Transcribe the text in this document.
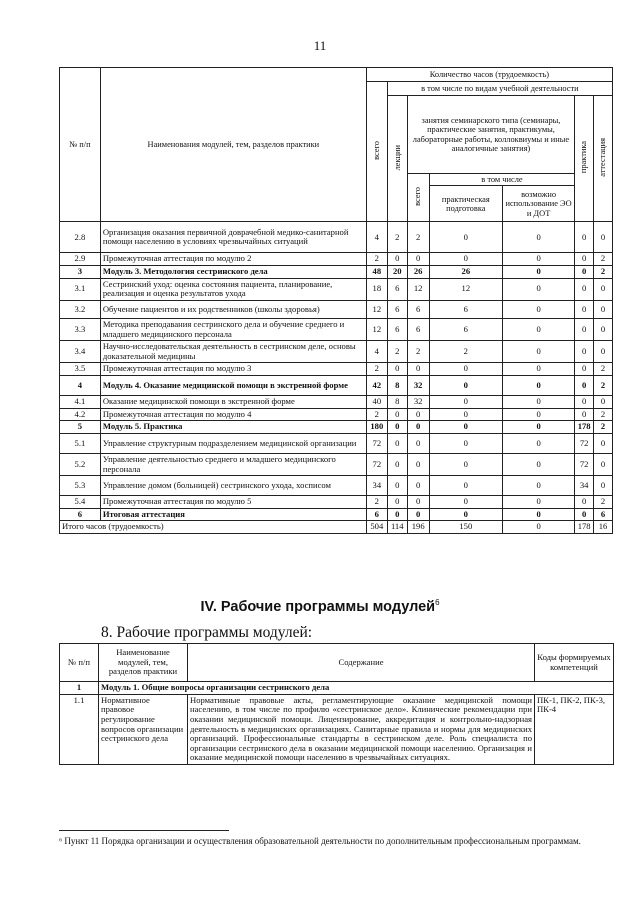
11
№ п/п	Наименования модулей, тем, разделов практики	Количество часов (трудоемкость)						
		всего	в том числе по видам учебной деятельности					
			лекции	занятия семинарского типа (семинары, практические занятия, практикумы, лабораторные работы, коллоквиумы и иные аналогичные занятия)			практика	аттестация
				всего	в том числе			
					практическая подготовка	возможно использование ЭО и ДОТ		
2.8	Организация оказания первичной доврачебной медико-санитарной помощи населению в условиях чрезвычайных ситуаций	4	2	2	0	0	0	0
2.9	Промежуточная аттестация по модулю 2	2	0	0	0	0	0	2
3	Модуль 3. Методология сестринского дела	48	20	26	26	0	0	2
3.1	Сестринский уход: оценка состояния пациента, планирование, реализация и оценка результатов ухода	18	6	12	12	0	0	0
3.2	Обучение пациентов и их родственников (школы здоровья)	12	6	6	6	0	0	0
3.3	Методика преподавания сестринского дела и обучение среднего и младшего медицинского персонала	12	6	6	6	0	0	0
3.4	Научно-исследовательская деятельность в сестринском деле, основы доказательной медицины	4	2	2	2	0	0	0
3.5	Промежуточная аттестация по модулю 3	2	0	0	0	0	0	2
4	Модуль 4. Оказание медицинской помощи в экстренной форме	42	8	32	0	0	0	2
4.1	Оказание медицинской помощи в экстренной форме	40	8	32	0	0	0	0
4.2	Промежуточная аттестация по модулю 4	2	0	0	0	0	0	2
5	Модуль 5. Практика	180	0	0	0	0	178	2
5.1	Управление структурным подразделением медицинской организации	72	0	0	0	0	72	0
5.2	Управление деятельностью среднего и младшего медицинского персонала	72	0	0	0	0	72	0
5.3	Управление домом (больницей) сестринского ухода, хосписом	34	0	0	0	0	34	0
5.4	Промежуточная аттестация по модулю 5	2	0	0	0	0	0	2
6	Итоговая аттестация	6	0	0	0	0	0	6
Итого часов (трудоемкость)		504	114	196	150	0	178	16
IV. Рабочие программы модулей$^6$
8. Рабочие программы модулей:
№ п/п	Наименование модулей, тем, разделов практики	Содержание	Коды формируемых компетенций
1	Модуль 1. Общие вопросы организации сестринского дела		
1.1	Нормативное правовое регулирование вопросов организации сестринского дела	Нормативные правовые акты, регламентирующие оказание медицинской помощи населению, в том числе по профилю «сестринское дело». Клинические рекомендации при оказании медицинской помощи. Лицензирование, аккредитация и контрольно-надзорная деятельность в медицинских организациях. Санитарные правила и нормы для медицинских организаций. Профессиональные стандарты в сестринском деле. Роль специалиста по организации сестринского дела в оказании медицинской помощи населению. Организация и оказание медицинской помощи населению в чрезвычайных ситуациях.	ПК-1, ПК-2, ПК-3, ПК-4
⁶ Пункт 11 Порядка организации и осуществления образовательной деятельности по дополнительным профессиональным программам.
